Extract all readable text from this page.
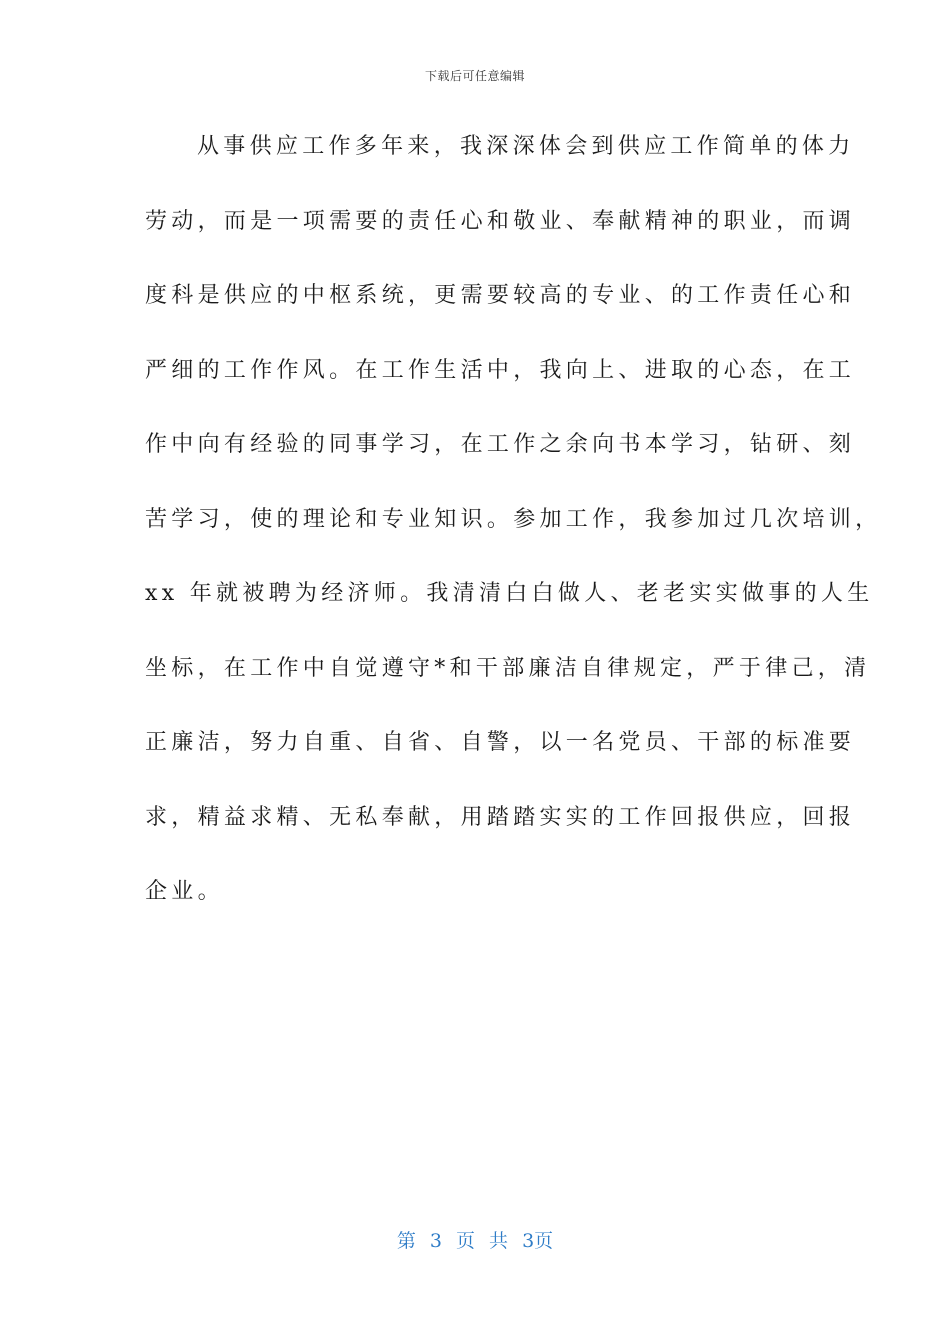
下载后可任意编辑
从事供应工作多年来，我深深体会到供应工作简单的体力
劳动，而是一项需要的责任心和敬业、奉献精神的职业，而调
度科是供应的中枢系统，更需要较高的专业、的工作责任心和
严细的工作作风。在工作生活中，我向上、进取的心态，在工
作中向有经验的同事学习，在工作之余向书本学习，钻研、刻
苦学习，使的理论和专业知识。参加工作，我参加过几次培训，
xx 年就被聘为经济师。我清清白白做人、老老实实做事的人生
坐标，在工作中自觉遵守*和干部廉洁自律规定，严于律己，清
正廉洁，努力自重、自省、自警，以一名党员、干部的标准要
求，精益求精、无私奉献，用踏踏实实的工作回报供应，回报
企业。
第 3 页 共 3页
